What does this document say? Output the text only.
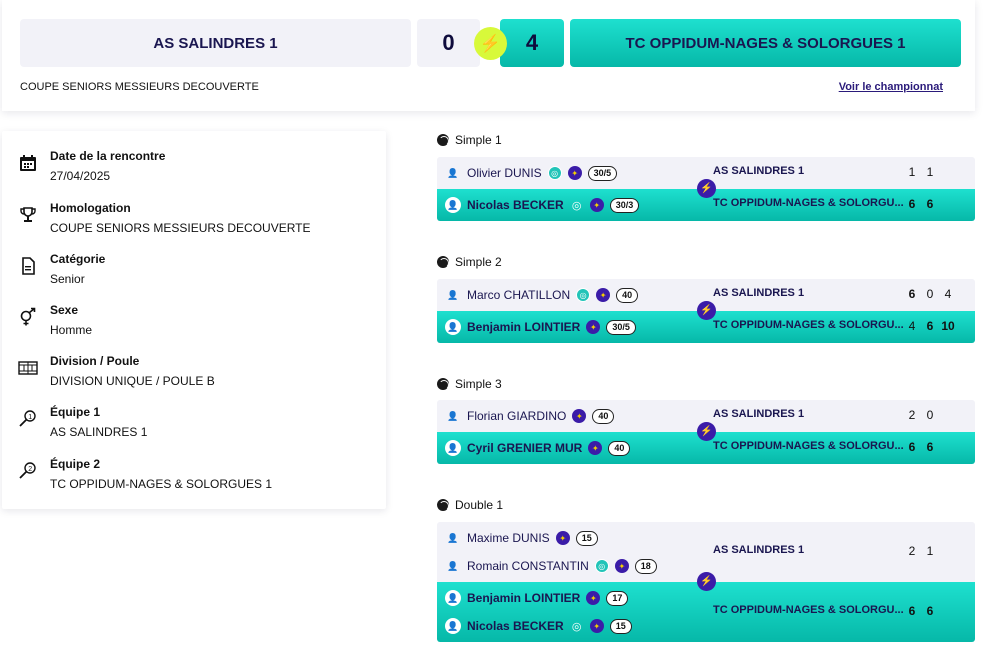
AS SALINDRES 1	0	4	TC OPPIDUM-NAGES & SOLORGUES 1
⚡
COUPE SENIORS MESSIEURS DECOUVERTE	Voir le championnat
Date de la rencontre
27/04/2025
Homologation
COUPE SENIORS MESSIEURS DECOUVERTE
Catégorie
Senior
Sexe
Homme
Division / Poule
DIVISION UNIQUE / POULE B
1 Équipe 1
AS SALINDRES 1
2 Équipe 2
TC OPPIDUM-NAGES & SOLORGUES 1
Simple 1
👤 Olivier DUNIS	◎	✦	30/5	AS SALINDRES 1	1 1
👤 Nicolas BECKER ◎	✦	30/3	TC OPPIDUM-NAGES & SOLORGU... 6 6
⚡
Simple 2
👤 Marco CHATILLON	◎	✦	40	AS SALINDRES 1	6 0 4
👤 Benjamin LOINTIER	✦	30/5	TC OPPIDUM-NAGES & SOLORGU... 4 6 10
⚡
Simple 3
👤 Florian GIARDINO	✦	40	AS SALINDRES 1	2 0
👤 Cyril GRENIER MUR	✦	40	TC OPPIDUM-NAGES & SOLORGU... 6 6
⚡
Double 1
👤 Maxime DUNIS	✦	15
👤 Romain CONSTANTIN	◎	✦	18
AS SALINDRES 1	2 1
👤 Benjamin LOINTIER	✦	17
👤 Nicolas BECKER ◎	✦	15
TC OPPIDUM-NAGES & SOLORGU... 6 6
⚡
